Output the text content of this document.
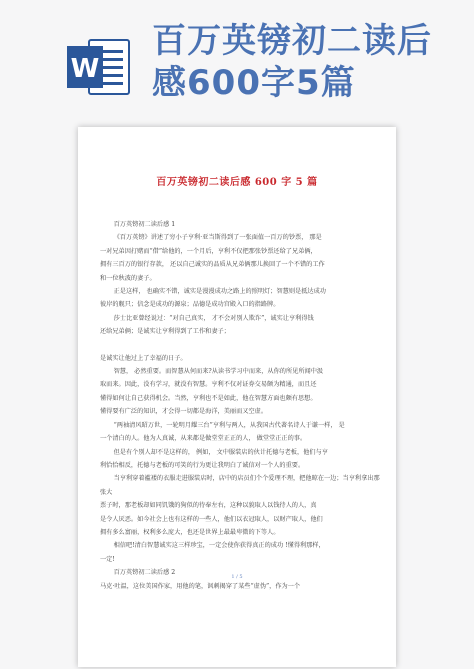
W
百万英镑初二读后感600字5篇
百万英镑初二读后感 600 字 5 篇

百万英镑初二读后感 1

《百万英镑》讲述了穷小子亨利·亚当斯得到了一张面值一百万的钞票， 那是

一对兄弟因打赌而“借”给他的，一个月后，亨利不仅把那张钞票还给了兄弟俩，

拥有三百万的银行存款， 还以自己诚实的品质从兄弟俩那儿换回了一个不错的工作

和一位秋波的妻子。

正是这样， 也确实不错，诚实是漫漫成功之路上的照明灯；智慧则是抵达成功

彼岸的舰只；信念是成功的源泉；品德是成功宫殿入口的指路牌。

莎士比亚曾经说过：“对自己真实， 才不会对别人欺诈”，诚实让亨利得钱

还给兄弟俩；是诚实让亨利得到了工作和妻子；

是诚实让他过上了幸福的日子。

智慧， 必然重要。而智慧从何而来?从读书学习中而来，从你的所见所闻中汲

取而来。因此，没有学习，就没有智慧。亨利不仅对证券交易颇为精通，而且还

懂得如何让自己获得机会。当然，亨利也不是如此，他在智慧方面也颇有思想。

懂得要有广泛的知识，才会得一切都是海洋，美丽而又空虚。

“两袖清风昭万世，一轮明月耀三台”亨利与两人，从我国古代著名诗人于谦一样， 是

一个清白的人。他为人真诚，从来都是做堂堂正正的人， 做堂堂正正的事。

但是有个别人却不是这样的， 例如， 文中服装店的伙计托德与老板，他们与亨

利恰恰相反，托德与老板的可笑的行为更让我明白了诚信对一个人的重要。

当亨利穿着褴褛的衣服走进服装店时，店中的店员们个个爱理不理，把他晾在一边；当亨利拿出那张大

票子时，那老板却如同饥饿的狗似的待奉左右，这种以貌取人以钱待人的人，真

是令人厌恶。如今社会上也有这样的一些人，他们以衣冠取人，以财产取人，他们

拥有多么富丽，权利多么庞大，也还是世界上最最卑微的下等人。

相信吧!清白智慧诚实这三样珍宝，一定会使你获得真正的成功 !懂得利那样，

一定!

百万英镑初二读后感 2

马克·吐温，这位美国作家，用他的笔，讽刺揭穿了某些“虚伪”，作为一个

1 / 5
